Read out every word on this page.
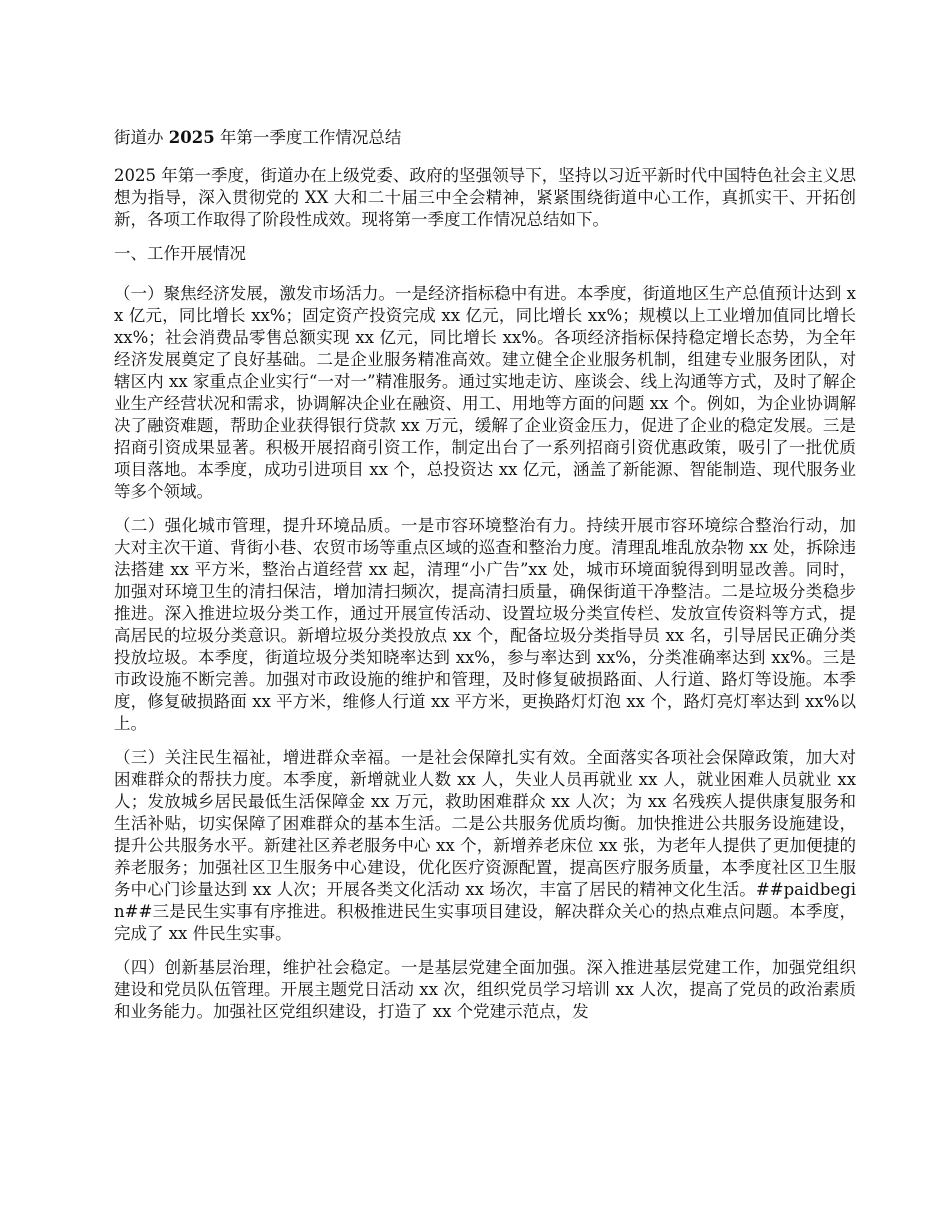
街道办 2025 年第一季度工作情况总结

2025 年第一季度，街道办在上级党委、政府的坚强领导下，坚持以习近平新时代中国特色社会主义思想为指导，深入贯彻党的 XX 大和二十届三中全会精神，紧紧围绕街道中心工作，真抓实干、开拓创新，各项工作取得了阶段性成效。现将第一季度工作情况总结如下。

一、工作开展情况

（一）聚焦经济发展，激发市场活力。一是经济指标稳中有进。本季度，街道地区生产总值预计达到 xx 亿元，同比增长 xx%；固定资产投资完成 xx 亿元，同比增长 xx%；规模以上工业增加值同比增长 xx%；社会消费品零售总额实现 xx 亿元，同比增长 xx%。各项经济指标保持稳定增长态势，为全年经济发展奠定了良好基础。二是企业服务精准高效。建立健全企业服务机制，组建专业服务团队，对辖区内 xx 家重点企业实行“一对一”精准服务。通过实地走访、座谈会、线上沟通等方式，及时了解企业生产经营状况和需求，协调解决企业在融资、用工、用地等方面的问题 xx 个。例如，为企业协调解决了融资难题，帮助企业获得银行贷款 xx 万元，缓解了企业资金压力，促进了企业的稳定发展。三是招商引资成果显著。积极开展招商引资工作，制定出台了一系列招商引资优惠政策，吸引了一批优质项目落地。本季度，成功引进项目 xx 个，总投资达 xx 亿元，涵盖了新能源、智能制造、现代服务业等多个领域。

（二）强化城市管理，提升环境品质。一是市容环境整治有力。持续开展市容环境综合整治行动，加大对主次干道、背街小巷、农贸市场等重点区域的巡查和整治力度。清理乱堆乱放杂物 xx 处，拆除违法搭建 xx 平方米，整治占道经营 xx 起，清理“小广告”xx 处，城市环境面貌得到明显改善。同时，加强对环境卫生的清扫保洁，增加清扫频次，提高清扫质量，确保街道干净整洁。二是垃圾分类稳步推进。深入推进垃圾分类工作，通过开展宣传活动、设置垃圾分类宣传栏、发放宣传资料等方式，提高居民的垃圾分类意识。新增垃圾分类投放点 xx 个，配备垃圾分类指导员 xx 名，引导居民正确分类投放垃圾。本季度，街道垃圾分类知晓率达到 xx%，参与率达到 xx%，分类准确率达到 xx%。三是市政设施不断完善。加强对市政设施的维护和管理，及时修复破损路面、人行道、路灯等设施。本季度，修复破损路面 xx 平方米，维修人行道 xx 平方米，更换路灯灯泡 xx 个，路灯亮灯率达到 xx%以上。

（三）关注民生福祉，增进群众幸福。一是社会保障扎实有效。全面落实各项社会保障政策，加大对困难群众的帮扶力度。本季度，新增就业人数 xx 人，失业人员再就业 xx 人，就业困难人员就业 xx 人；发放城乡居民最低生活保障金 xx 万元，救助困难群众 xx 人次；为 xx 名残疾人提供康复服务和生活补贴，切实保障了困难群众的基本生活。二是公共服务优质均衡。加快推进公共服务设施建设，提升公共服务水平。新建社区养老服务中心 xx 个，新增养老床位 xx 张，为老年人提供了更加便捷的养老服务；加强社区卫生服务中心建设，优化医疗资源配置，提高医疗服务质量，本季度社区卫生服务中心门诊量达到 xx 人次；开展各类文化活动 xx 场次，丰富了居民的精神文化生活。##paidbegin##三是民生实事有序推进。积极推进民生实事项目建设，解决群众关心的热点难点问题。本季度，完成了 xx 件民生实事。

（四）创新基层治理，维护社会稳定。一是基层党建全面加强。深入推进基层党建工作，加强党组织建设和党员队伍管理。开展主题党日活动 xx 次，组织党员学习培训 xx 人次，提高了党员的政治素质和业务能力。加强社区党组织建设，打造了 xx 个党建示范点，发
